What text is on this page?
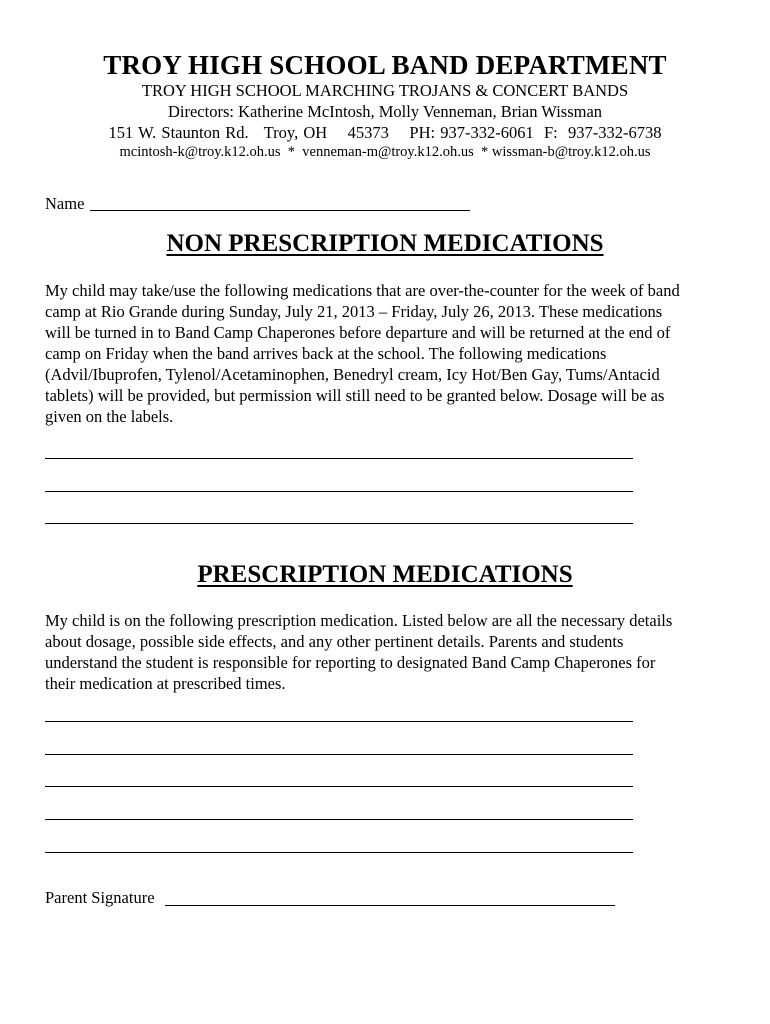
TROY HIGH SCHOOL BAND DEPARTMENT
TROY HIGH SCHOOL MARCHING TROJANS & CONCERT BANDS
Directors: Katherine McIntosh, Molly Venneman, Brian Wissman
151 W. Staunton Rd.   Troy, OH    45373    PH: 937-332-6061  F:  937-332-6738
mcintosh-k@troy.k12.oh.us  *  venneman-m@troy.k12.oh.us  * wissman-b@troy.k12.oh.us
Name
NON PRESCRIPTION MEDICATIONS
My child may take/use the following medications that are over-the-counter for the week of band
camp at Rio Grande during Sunday, July 21, 2013 – Friday, July 26, 2013. These medications
will be turned in to Band Camp Chaperones before departure and will be returned at the end of
camp on Friday when the band arrives back at the school. The following medications
(Advil/Ibuprofen, Tylenol/Acetaminophen, Benedryl cream, Icy Hot/Ben Gay, Tums/Antacid
tablets) will be provided, but permission will still need to be granted below. Dosage will be as
given on the labels.
PRESCRIPTION MEDICATIONS
My child is on the following prescription medication. Listed below are all the necessary details
about dosage, possible side effects, and any other pertinent details. Parents and students
understand the student is responsible for reporting to designated Band Camp Chaperones for
their medication at prescribed times.
Parent Signature
